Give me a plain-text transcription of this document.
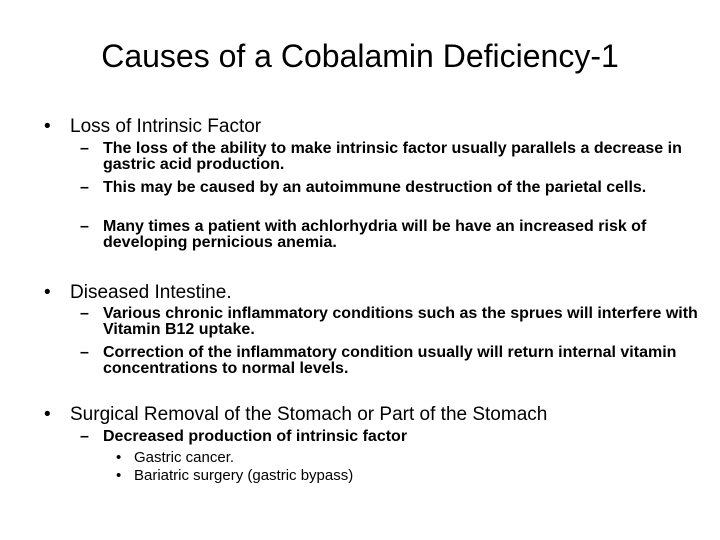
Causes of a Cobalamin Deficiency-1
• Loss of Intrinsic Factor
– The loss of the ability to make intrinsic factor usually parallels a decrease in gastric acid production.
– This may be caused by an autoimmune destruction of the parietal cells.
– Many times a patient with achlorhydria will be have an increased risk of developing pernicious anemia.
• Diseased Intestine.
– Various chronic inflammatory conditions such as the sprues will interfere with Vitamin B12 uptake.
– Correction of the inflammatory condition usually will return internal vitamin concentrations to normal levels.
• Surgical Removal of the Stomach or Part of the Stomach
– Decreased production of intrinsic factor
• Gastric cancer.
• Bariatric surgery (gastric bypass)
